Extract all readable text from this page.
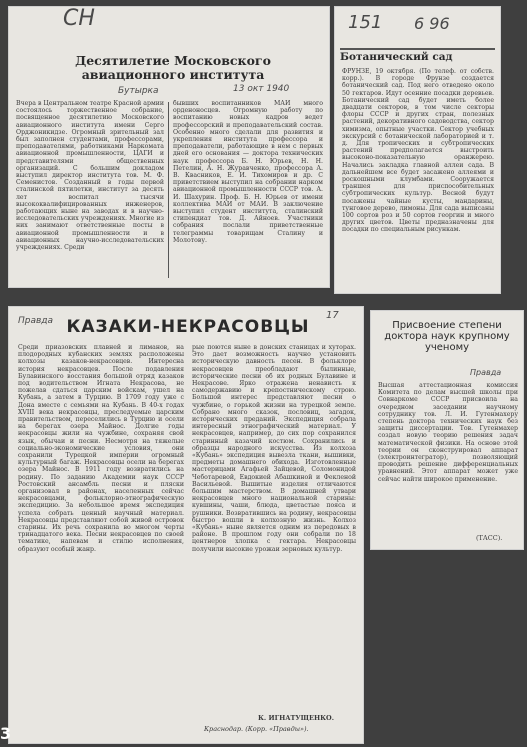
СН
Десятилетие Московского авиационного института
Бутырка	13 окт 1940
Вчера в Центральном театре Красной армии состоялось торжественное собрание, посвященное десятилетию Московского авиационного института имени Серго Орджоникидзе. Огромный зрительный зал был заполнен студентами, профессорами, преподавателями, работниками Наркомата авиационной промышленности, ЦАГИ и представителями общественных организаций. С большим докладом выступил директор института тов. М. Ф. Семенистов. Созданный в годы первой сталинской пятилетки, институт за десять лет воспитал тысячи высококвалифицированных инженеров, работающих ныне на заводах и в научно-исследовательских учреждениях. Многие из них занимают ответственные посты в авиационной промышленности и в авиационных научно-исследовательских учреждениях. Среди
бывших воспитанников МАИ много орденоносцев. Огромную работу по воспитанию новых кадров ведет профессорский и преподавательский состав. Особенно много сделали для развития и укрепления института профессора и преподаватели, работающие в нем с первых дней его основания — доктора технических наук профессора Б. Н. Юрьев, Н. Н. Петелин, А. Н. Журавченко, профессора А. В. Квасников, Е. И. Тихомиров и др. С приветствием выступил на собрании нарком авиационной промышленности СССР тов. А. И. Шахурин. Проф. Б. Н. Юрьев от имени коллектива МАИ от МАИ. В заключение выступил студент института, сталинский стипендиат тов. Д. Айноев. Участники собрания послали приветственные телеграммы товарищам Сталину и Молотову.
151 6 96
Ботанический сад
ФРУНЗЕ, 19 октября. (По телеф. от собств. корр.). В городе Фрунзе создается ботанический сад. Под него отведено около 50 гектаров. Идут осенние посадки деревьев. Ботанический сад будет иметь более двадцати секторов, в том числе секторы флоры СССР и других стран, полезных растений, декоративного садоводства, сектор химизма, опытные участки. Сектор учебных экскурсий с ботанической лабораторией и т. д. Для тропических и субтропических растений предполагается выстроить высоконо-показательную оранжерею. Начались закладка главной аллеи сада. В дальнейшем все будет засажено аллеями и роскошными клумбами. Сооружается траншея для приспособительных субтропических культур. Весной будут посажены чайные кусты, мандарины, тунговое дерево, лимоны. Для сада выписаны 100 сортов роз и 50 сортов георгин и много других цветов. Цветы предназначены для посадки по специальным рисункам.
Правда	17
КАЗАКИ-НЕКРАСОВЦЫ
Среди приазовских плавней и лиманов, на плодородных кубанских землях расположены колхозы казаков-некрасовцев. Интересна история некрасовцев. После подавления Булавинского восстания большой отряд казаков под водительством Игната Некрасова, не пожелав сдаться царским войскам, ушел на Кубань, а затем в Турцию. В 1709 году уже с Дона вместе с семьями на Кубань. В 40-х годах XVIII века некрасовцы, преследуемые царским правительством, переселились в Турцию и осели на берегах озера Майнос. Долгие годы некрасовцы жили на чужбине, сохраняя свой язык, обычаи и песни. Несмотря на тяжелые социально-экономические условия, они сохранили Турецкой империи огромный культурный багаж. Некрасовцы осели на берегах озера Майнос. В 1911 году возвратились на родину. По заданию Академии наук СССР Ростовский ансамбль песни и пляски организовал в районах, населенных сейчас некрасовцами, фольклорно-этнографическую экспедицию. За небольшое время экспедиция успела собрать ценный научный материал. Некрасовцы представляют собой живой островок старины. Их речь сохранила во многом черты тринадцатого века. Песни некрасовцев по своей тематике, напевам и стилю исполнения, образуют особый жанр.
рые поются ныне в донских станицах и хуторах. Это дает возможность научно установить историческую давность песен. В фольклоре некрасовцев преобладают былинные, исторические песни об их родных Булавине и Некрасове. Ярко отражена ненависть к самодержавию и крепостническому строю. Большой интерес представляют песни о чужбине, о горькой жизни на турецкой земле. Собрано много сказок, пословиц, загадок, исторических преданий. Экспедиция собрала интересный этнографический материал. У некрасовцев, например, до сих пор сохранился старинный казачий костюм. Сохранились и образцы народного искусства. Из колхоза «Кубань» экспедиция вывезла ткани, вышивки, предметы домашнего обихода. Изготовленные мастерицами Агафьей Зайцевой, Соломонидой Чеботаревой, Евдокией Абашкиной и Фекленой Васильевой. Вышитые изделия отличаются большим мастерством. В домашней утвари некрасовцев много национальной старины: кувшины, чаши, блюда, цветастые пояса и рушники. Возвратившись на родину, некрасовцы быстро вошли в колхозную жизнь. Колхоз «Кубань» ныне является одним из передовых в районе. В прошлом году они собрали по 18 центнеров хлопка с гектара. Некрасовцы получили высокие урожаи зерновых культур.
К. ИГНАТУЩЕНКО.
Краснодар. (Корр. «Правды»).
3
Присвоение степени доктора наук крупному ученому
Правда
Высшая аттестационная комиссия Комитета по делам высшей школы при Совнаркоме СССР присвоила на очередном заседании научному сотруднику тов. Л. И. Гутенмахеру степень доктора технических наук без защиты диссертации. Тов. Гутенмахер создал новую теорию решения задач математической физики. На основе этой теории он сконструировал аппарат (электроинтегратор), позволяющий проводить решение дифференциальных уравнений. Этот аппарат может уже сейчас найти широкое применение.
(ТАСС).
